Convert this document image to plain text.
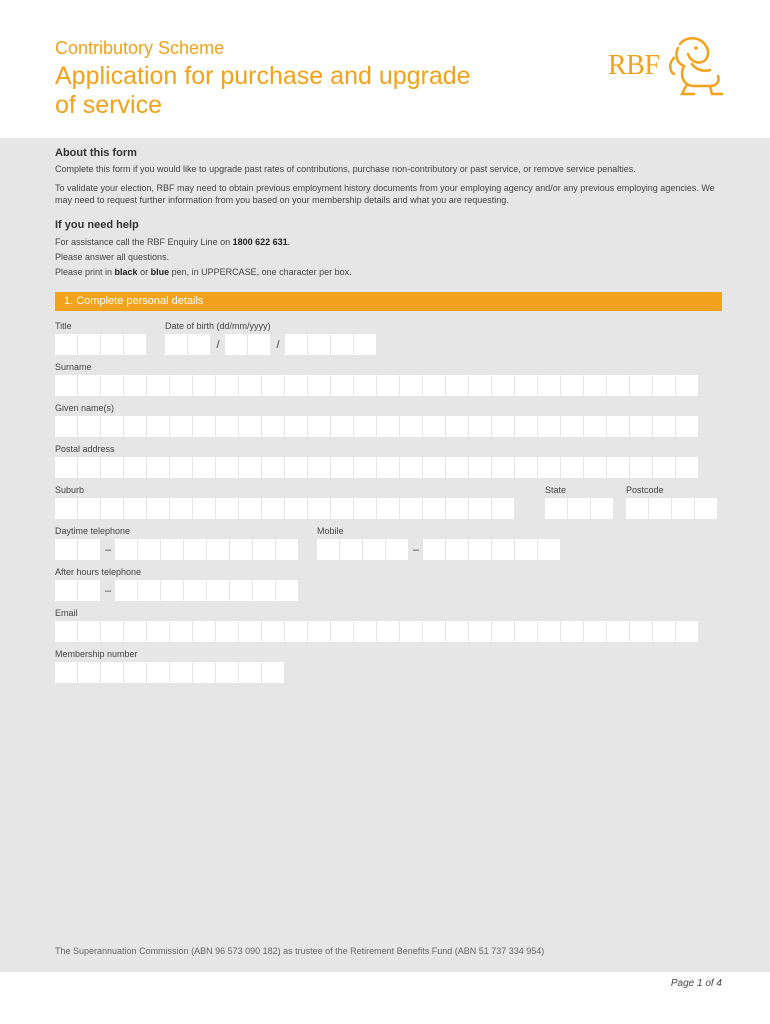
Contributory Scheme
Application for purchase and upgrade of service
RBF
About this form
Complete this form if you would like to upgrade past rates of contributions, purchase non-contributory or past service, or remove service penalties.
To validate your election, RBF may need to obtain previous employment history documents from your employing agency and/or any previous employing agencies. We may need to request further information from you based on your membership details and what you are requesting.
If you need help
For assistance call the RBF Enquiry Line on 1800 622 631.
Please answer all questions.
Please print in black or blue pen, in UPPERCASE, one character per box.
1. Complete personal details
Title	Date of birth (dd/mm/yyyy)
/	/
Surname
Given name(s)
Postal address
Suburb	State	Postcode
Daytime telephone	Mobile
–	–
After hours telephone
–
Email
Membership number
The Superannuation Commission (ABN 96 573 090 182) as trustee of the Retirement Benefits Fund (ABN 51 737 334 954)
Page 1 of 4
